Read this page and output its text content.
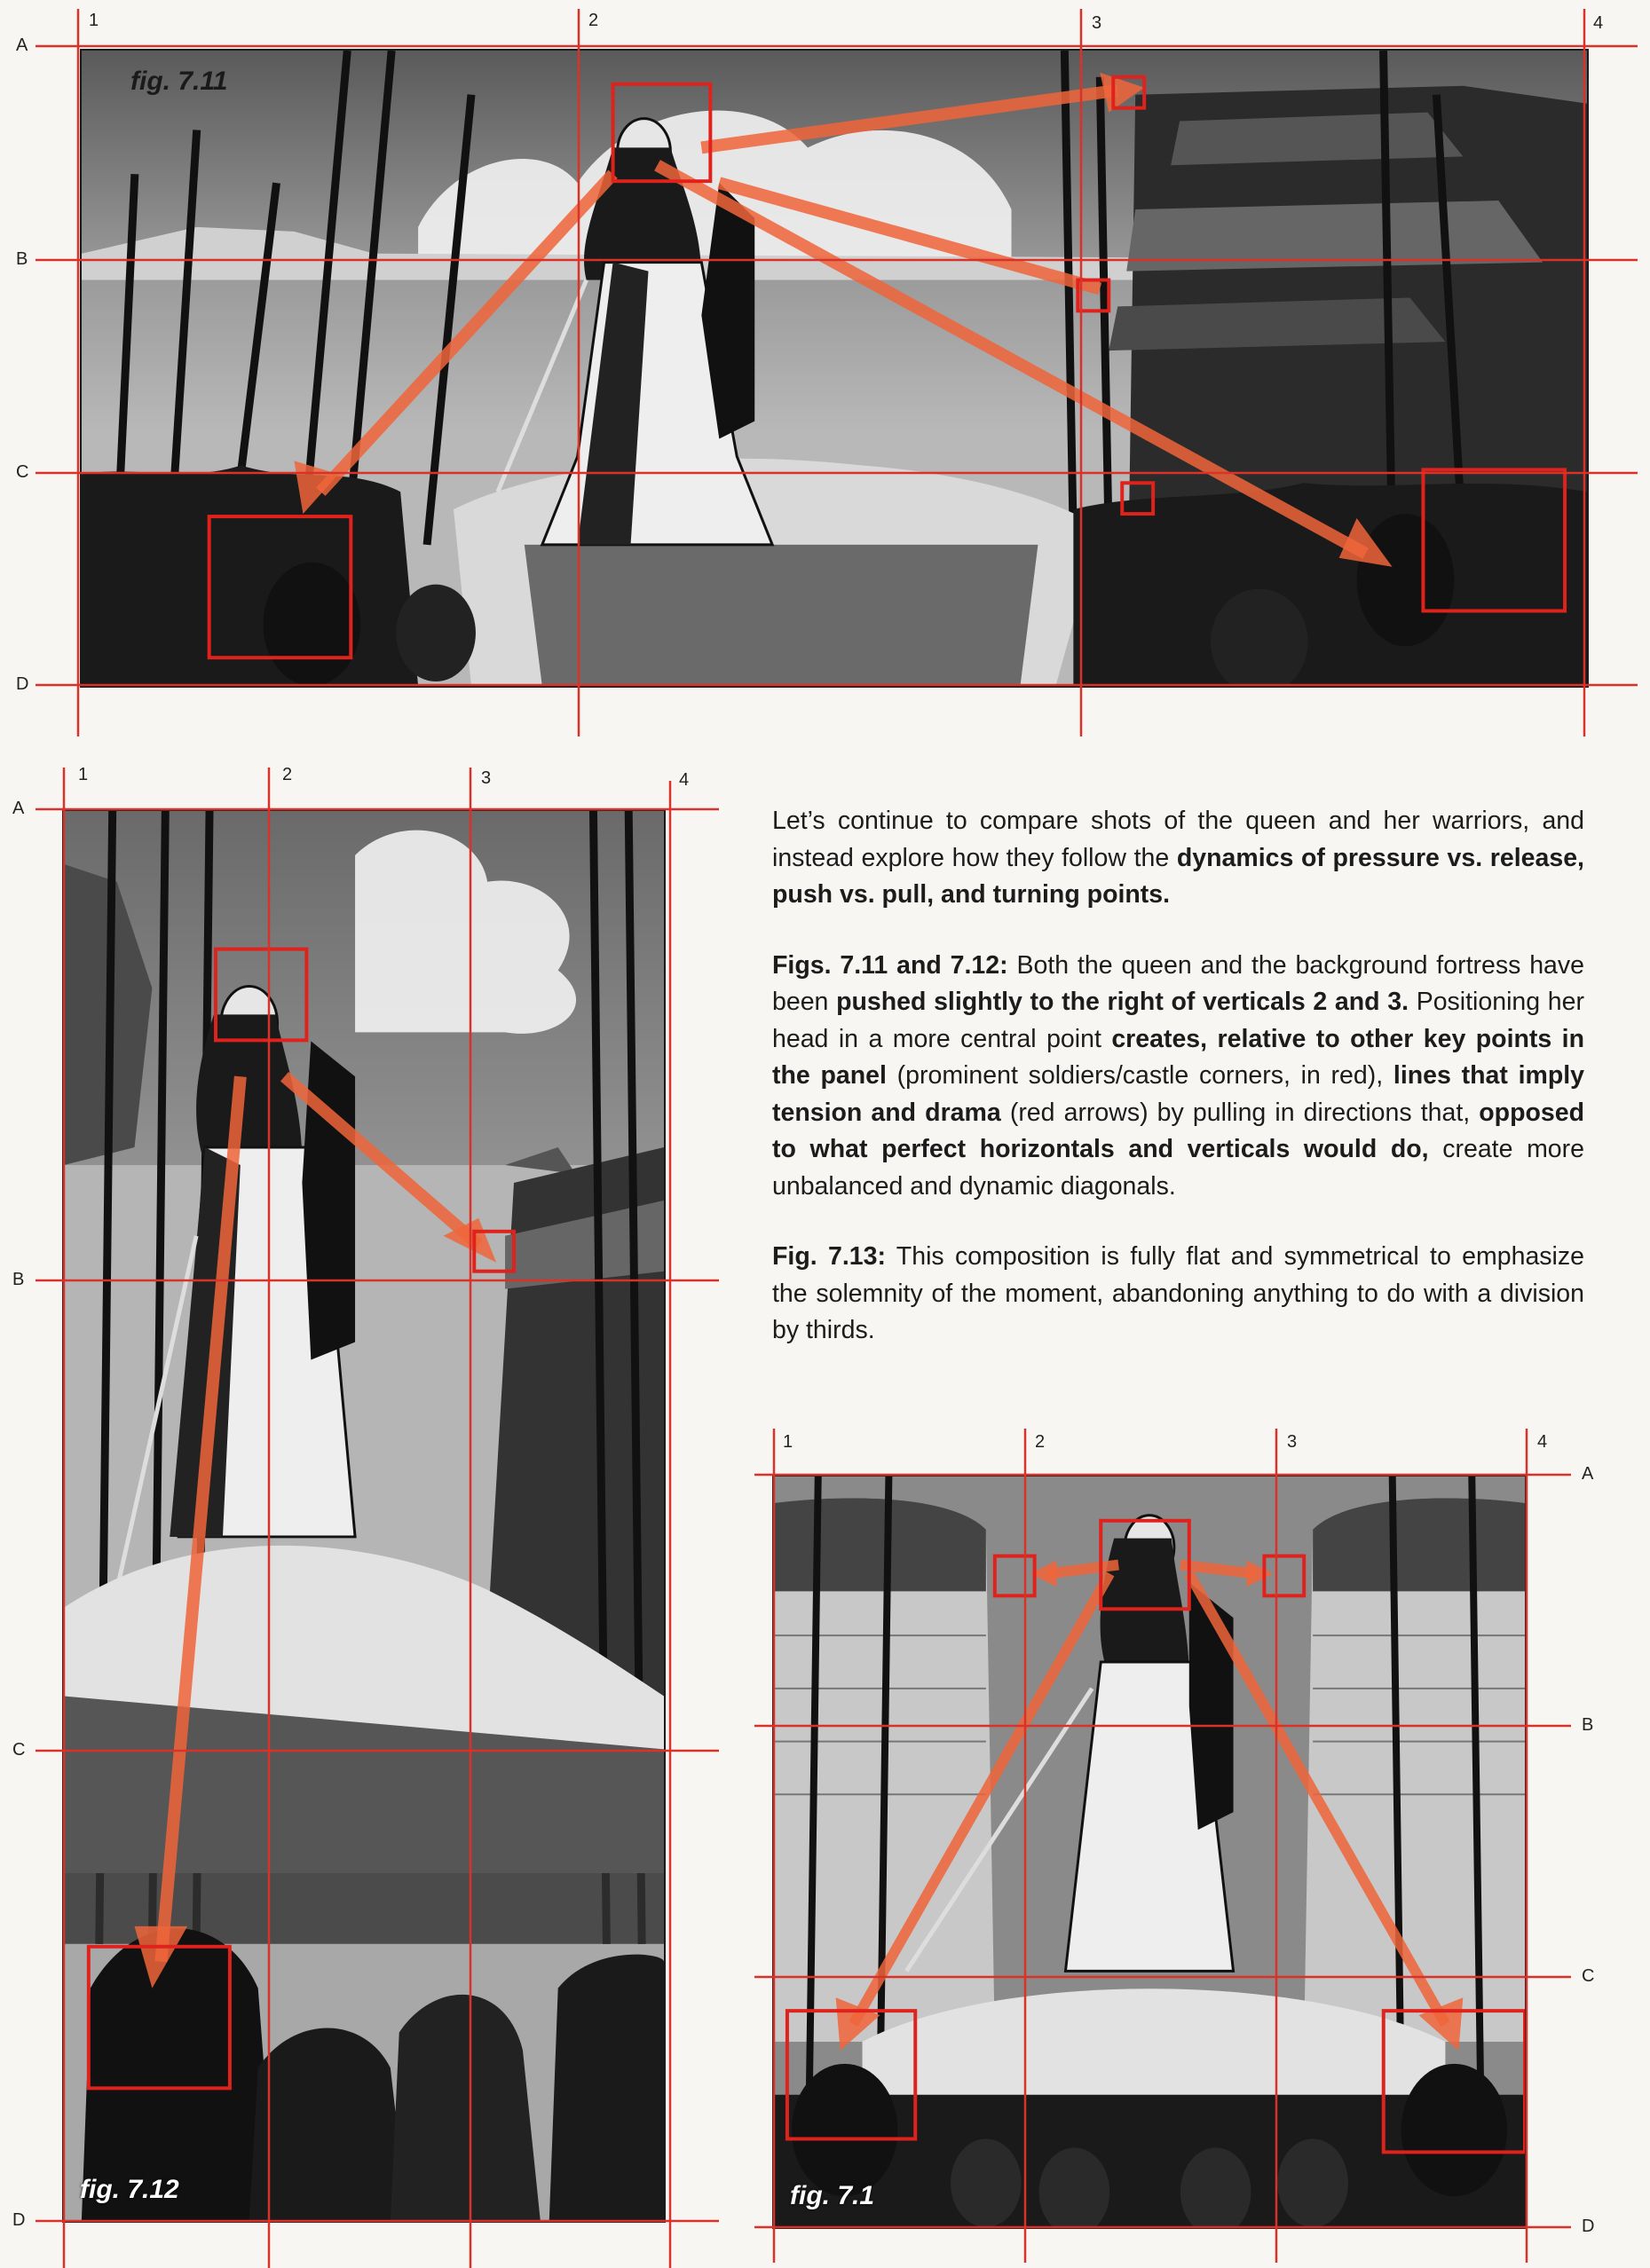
fig. 7.11
fig. 7.12	fig. 7.1
1	2	3	4
A
B
C
D
1	2	3	4
A
B
C
D
1	2	3	4
A
B
C
D

Let’s continue to compare shots of the queen and her warriors, and instead explore how they follow the dynamics of pressure vs. release, push vs. pull, and turning points.

Figs. 7.11 and 7.12: Both the queen and the background fortress have been pushed slightly to the right of verticals 2 and 3. Positioning her head in a more central point creates, relative to other key points in the panel (prominent soldiers/castle corners, in red), lines that imply tension and drama (red arrows) by pulling in directions that, opposed to what perfect horizontals and verticals would do, create more unbalanced and dynamic diagonals.

Fig. 7.13: This composition is fully flat and symmetrical to emphasize the solemnity of the moment, abandoning anything to do with a division by thirds.
